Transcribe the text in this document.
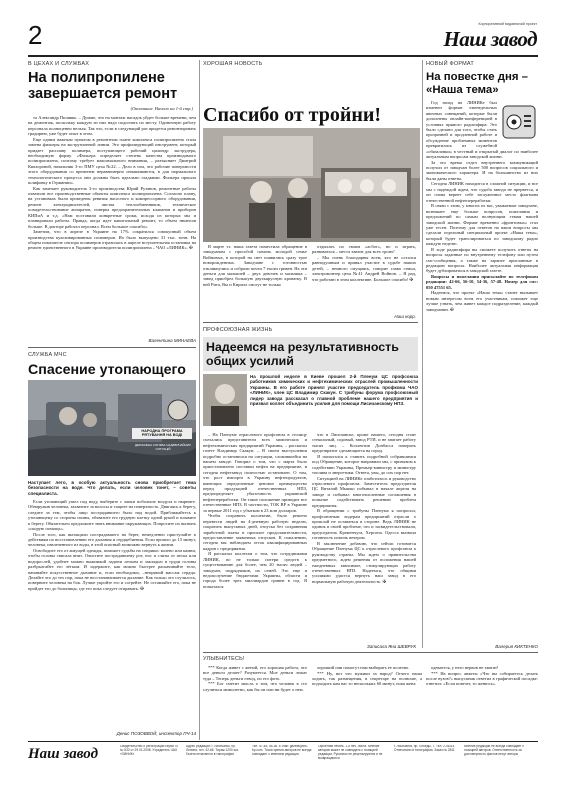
2	Корпоративний видавничий проект
Наш завод
В ЦЕХАХ И СЛУЖБАХ
На полипропилене завершается ремонт
(Окончание. Начало на 1-й стр.)

та Александр Пилявко. – Думаю, что на монтаж насадок уйдет больше времени, чем на демонтаж, поскольку каждую из них надо подогнать по месту. Одиночную работу персонала полноценно нельзя. Так что, если в следующий раз придется ремонтировать градирню, уже будет опыт в этом.

Еще одним важным пунктом в ремонтном плане комплекса полипропилена стала замена фильеры на экструзионной линии. Это профилирующий инструмент, который придает расплаву полимера, поступающего рабочий цилиндр экструдера, необходимую форму. «Фильера определяет степень качества производимого полипропилена, поэтому требует максимального внимания, – разъясняет Дмитрий Кикзоровой, начальник 3-го ПМУ цеха №22. – Дело в том, что рабочие поверхности этого оборудования со временем неравномерно изнашиваются, в для нормального технологического процесса они должны быть идеально гладкими. Фильера прошла шлифовку в Германии».

Как замечает руководитель 3-го производства Юрий Рузанов, ремонтные работы охватили все производственные объекты комплекса полипропилена. Согласно плану, на установках были проведены ревизия насосного и компрессорного оборудования, ремонт электродвигателей, чистка теплообменников, техническое освидетельствование аппаратов, поверка предохранительных клапанов и приборов КИПиА и т.д. «Нам поставили конкретные сроки, исходя из которых мы и планировали работы. Правда, когда идет капитальный ремонт, то объем нюансов больше. В докторе работал персонал. Всем большое спасибо».

Заметим, что в апреле в Украине на 17% сократился совокупный объем производства культивированных полимеров. Их было выпущено 31 тыс. тонн. На общем показателе сектора полимеров отразилась в апреле вступительная остановка на ремонт единственного в Украине производителя полипропилена – ЧАО «ЛИНИК». ✠

Валентина МИНАЕВА
СЛУЖБА МЧС
Спасение утопающего
НАРОДНА ПРОГРАМА РЯТУВАННЯ НА ВОДІ
ДЕРЖАВНА СЛУЖБА НАДЗВИЧАЙНИХ СИТУАЦІЙ
Наступает лето, в особую актуальность снова приобретает тема безопасности на воде. Что делать, если человек тонет, – советы специалиста.

Если утопающий ушел под воду, выберите с лапки побольше воздуха и нырните. Обнаружив человека, захватите за волосы и тащите на поверхность. Двигаясь к берегу, следите за тем, чтобы лицо пострадавшего было над водой. Приближайтесь к утопающему со стороны спины, обхватите его грудную клетку одной рукой и плывите к берегу. Обязательно предложите звать внимание окружающих. Попросите их вызвать «скорую помощь».

После того, как вытащили пострадавшего на берег, немедленно приступайте к действиям по восстановлению его дыхания и сердцебиения. Если прошло до 15 минут, человека, извлеченного из воды, в этой опасный возможно вернуть к жизни.

Освободите его от жмущей одежды, поможет судьбы на соприкос колено или камни, чтобы головы свисала вниз. Очистите пострадавшему рот, нос и слизы от песка или водорослей, удобнее можно выжимкой ладони легким и закладью в груди головы разбрызгайте его лёгким. И задержите, как можно быстрее раскачивайте тело, начинайте искусственное дыхание и, если необходимо, –непрямой массаж сердца. Делайте это до тех пор, пока не восстанавливается дыхание. Как только это случилось, поверните человека на бок. Лучше укройте его и согрейте. Не оставляйте его, пока не пройдет его до больницы, где его пока следует отправить. ✠

Денис ПОЗОВВОЙ, инспектор ПЧ-14
ХОРОШАЯ НОВОСТЬ
Спасибо от тройни!

В марте т.г. наша газета поместила обращение в заводчанам с просьбой помочь молодой семье Войновых, в которой на свет появились сразу трое новорожденных. Заводчане с готовностью откликнулись и собрали почти 7 тысяч гривен. На эти деньги для малышей – двух девочек и мальчика – завод приобрел большую двухъярусную кроватку. В ней Рита, Вы и Кирилл смогут не только

отдыхать по своим «асбот», но и играть, развиваться – места хватит для всех троих!

– Мы очень благодарны всем, кто не остался равнодушным и принял участие в судьбе наших детей, – немного смущаясь, говорит глава семьи, электромонтер цеха №41 Андрей Войнов. – Я рад, что работаю в этом коллективе. Большое спасибо! ✠

Наш корр.
ПРОФСОЮЗНАЯ ЖИЗНЬ
Надеемся на результативность общих усилий
На прошлой неделе в Киеве прошел 2-й Пленум ЦС профсоюза работников химических и нефтехимических отраслей промышленности Украины. В его работе принял участие председатель профкома ЧАО «ЛИНИК», член ЦС Владимир Скакун. С трибуны форума профсоюзный лидер завода рассказал о главной проблеме нашего предприятия и призвал коллег объединить усилия для помощи Лисичанскому НПЗ.

– На Пленуме отраслевого профсоюза в столицу съехались представители всех химических и нефтехимических предприятий Украины, – рассказал газете Владимир Скакун. – В своем выступлении подробно остановился на ситуации, сложившейся на нашем заводе. Говорил о том, что с марта было приостановлено поставки нефти на предприятие, и сегодня нефтезавод полностью остановлен. О том, что рост импорта в Украину нефтепродуктов, имеющих определенные ценовое преимущество перед продукцией отечественных НПЗ, предопределяет убыточность украинской нефтепереработки. Он такое положение приводит все отечественные НПЗ. В частности, ТОК ВР в Украине за первые 2011 год с убытком в 23 млн долларов.

Чтобы сохранить коллектив, было решено перевести людей на 4-дневную рабочую неделю, сократить выпускных дней, отпуска без сохранения заработной платы в прошлое продолжительности, предоставление заявочных отпусков. К сожалению, сегодня мы наблюдаем отток квалифицированных кадров с предприятия.

Я рассказал коллегам о том, что сотрудниками ЛИНИК, по не только потери средств к существованию для более, чем 20 тысяч людей – заводчан, подрядчиков, их семей. Это еще и недополучение бюджетами Украины, области и города более трех миллиардов гривен в год. Я попытался

что в Лисичанске, кроме нашего, сегодня стоят стекольный, содовый, завод РТИ, и не хватает работу тысяч лиц. – Коллектив Донбасса поверить предотвратит сделающиеся на город.

Я попытался к ставить подробной собравшимся под Обращение, которое направили мы, с призывом к содействию Украины, Премьер-министру и министру топлива и энергетики. Ответа, увы, до сих пор нет.

Ситуацией на ЛИНИКе озаботилось и руководство отраслевого профсоюза. Заместитель председателя ЦС Виталий Мышко побывал в начале апреля на заводе и побывал многочисленные соглашения в попытке содействовать решению проблем предприятия.

В обращении с трибуны Пленума я попросил, профсоюзным лидерам предприятий отрасли о прошлой не оставаться в стороне. Ведь ЛИНИК не одинок в своей проблеме, что и засвидетельствовали, председатель Кременчуга, Херсона. Одесса вызвала готовность помочь вечером.

В заключение добавлю, что сейчас готовится Обращение Пленума ЦС к отраслевого профсоюза к руководству страны. Мы ждем о правительства предметного, ждем решения от положения нашей ежедневных зависимое, стимулирующих работу отечественных НПЗ. Надеемся, что общими усилиями удастся вернуть наш завод в его нормальную рабочую деятельность. ✠

Записала Яна ШЕВРУК
НОВЫЙ ФОРМАТ
На повестке дня – «Наша тема»

Год назад на ЛИНИКе был изменен формат еженедельных явочных совещаний, которые были дополнены онлайн-конференцией в условиях прямого радиоэфира. Это было сделано для того, чтобы стать прозрачней и продленной работе и обсуждение проблемных моментов превратились из служебной «обязаловки» в честный и открытый диалог по наиболее актуальным вопросам заводской жизни.

За это время отдел внутреннего коммуникаций получил от заводчан более 500 вопросов социального и экономического характера. И на большинство из них были даны ответы.

Сегодня ЛИНИК находится в сложной ситуации, и все мы с надеждой ждем, что судьба завода не прервется, и он снова вернет себе заслуженное место флагмана отечественной нефтепереработки.

В связи с этим, у многих из вас, уважаемые заводчане, возникает еще больше вопросов, пожелания и предложений по самым волнующим темам нашей заводской жизни. Формат временно «фронтовых» стал уже тесен. Поэтому для ответов на ваши вопросы мы сделали отдельный специальный проект «Наша тема», который будет транслироваться по заводскому радио каждую неделю.

В ходе радиоэфира вы сможете получить ответы на вопросы заданные по внутреннему телефону или путем смс-сообщения, а также на заранее присланные в редакцию вопросы. Наиболее актуальная информация будет дублироваться в заводской газете.

Вопросы и пожелания присылайте по телефонам редакции: 42-66, 56-10, 54-36, 57-48. Номер для смс: 050 47551 65.

Надеемся, что проект «Наша тема» станет вызывает новым интересом всем его участникам, поможет еще лучше узнать, чем живет каждое подразделение, каждый заводчанин. ✠

Валерия КИКТЕНКО
УЛЫБНИТЕСЬ!

*** Когда живет с женой, его хорошая работа, что все деньги делает? Разумеется. Мое деньги лежат туда – Теперь деньги отвод, по его фото.

*** Бог сметит мысль о том, что человек в сто случиться мимолетно, как бы он или ни будет о нем.

хороший они помогут нам выбирать ее полезно.

*** Ну, вот что мужики за народ? Отчего наша ходить, так размещения, в секретаре на полноше, а подходить кам нас то нескольких 60 минут, пока жена

одевается, у него нервов не хватит!

*** На вопрос анкеты «Что вы собираетесь делать после вузов?» выпускник ответил в графической посадке: ответил: «Если повезет, то женюсь».

Наш завод	Свидетельство о регистрации серия ЛГ № 532 от 29.01.2008. Учредитель ЧАО «ЛИНИК»
Адрес редакции: г. Лисичанск, пр. Ленина, тел. 42-66. Тираж 1200 экз. Газета печатается в типографии
Тел. 57-48, 54-36. E-mail: gazeta@tnk-bp.com. Точка зрения авторов не всегда совпадает с мнением редакции
Офсетная печать. 1,5 печ. листа. Мнение авторов может не совпадать с позицией редакции. Рукописи не рецензируются и не возвращаются
г. Лисичанск, пр. Победы, 7. Тел. 2-46-63. Отпечатано в типографии. Заказ № 2811
Мнение редакции не всегда совпадает с позицией авторов. Ответственность за достоверность фактов несут авторы
